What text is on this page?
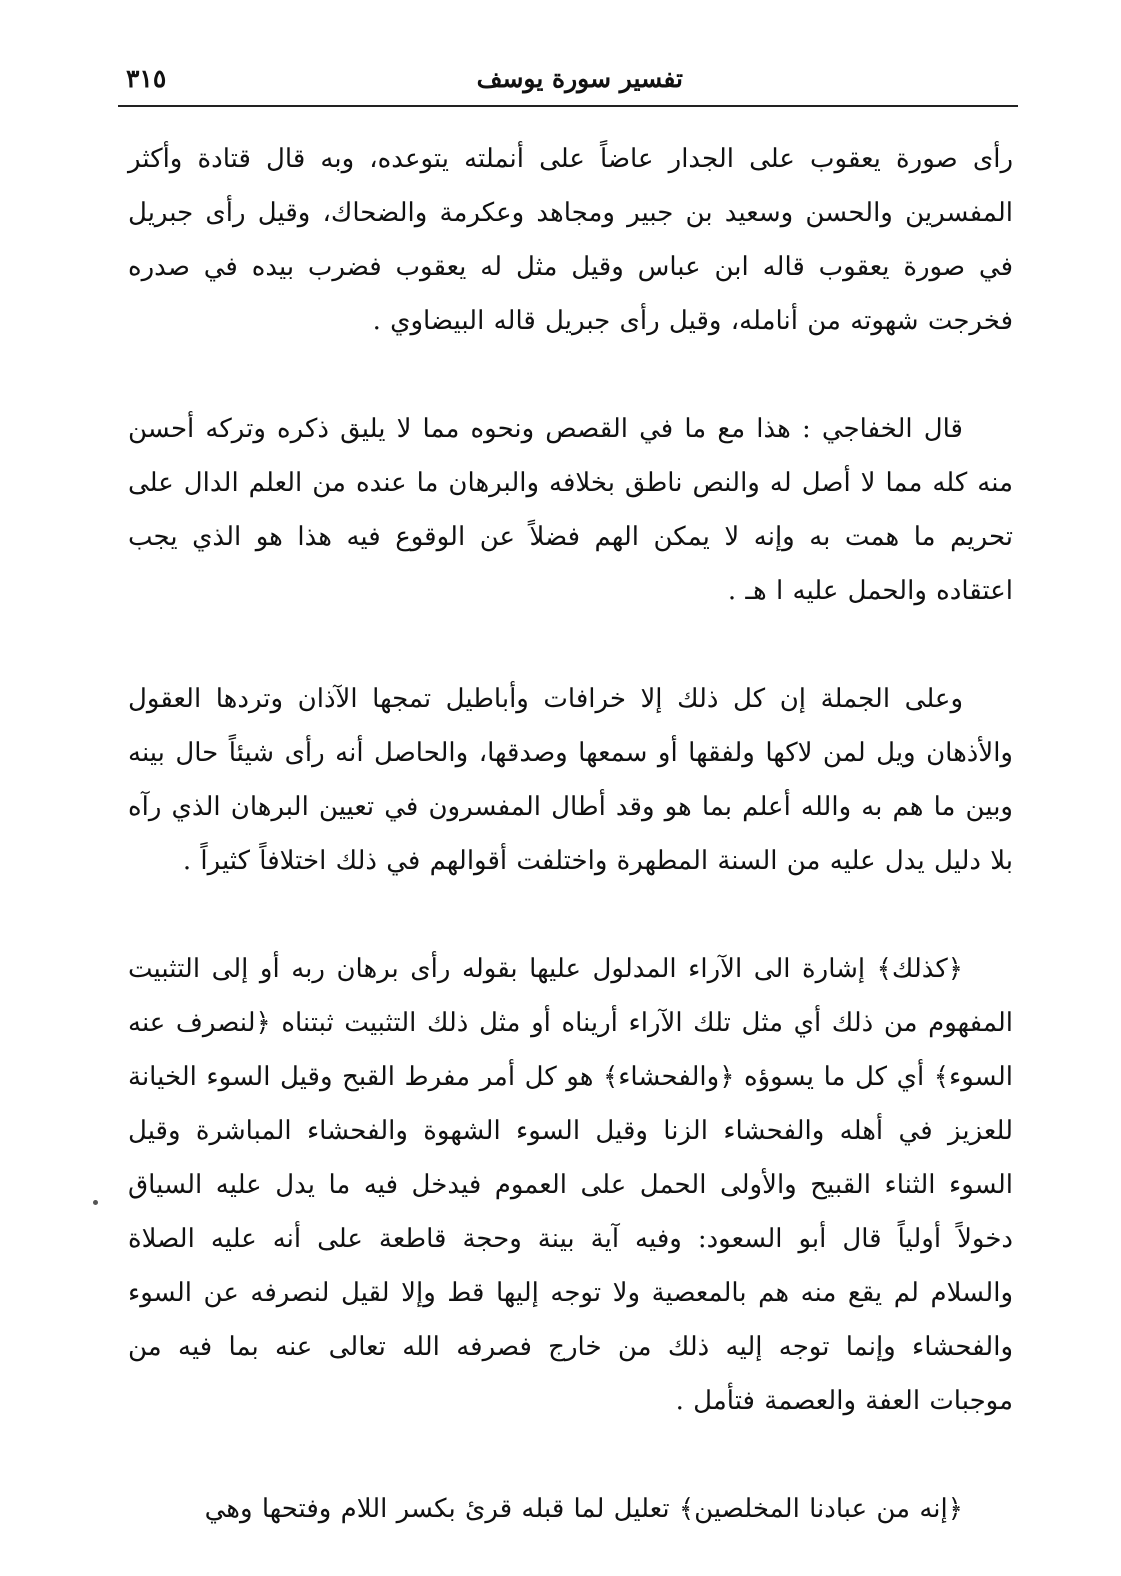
تفسير سورة يوسف
٣١٥

رأى صورة يعقوب على الجدار عاضاً على أنملته يتوعده، وبه قال قتادة وأكثر المفسرين والحسن وسعيد بن جبير ومجاهد وعكرمة والضحاك، وقيل رأى جبريل في صورة يعقوب قاله ابن عباس وقيل مثل له يعقوب فضرب بيده في صدره فخرجت شهوته من أنامله، وقيل رأى جبريل قاله البيضاوي .

قال الخفاجي : هذا مع ما في القصص ونحوه مما لا يليق ذكره وتركه أحسن منه كله مما لا أصل له والنص ناطق بخلافه والبرهان ما عنده من العلم الدال على تحريم ما همت به وإنه لا يمكن الهم فضلاً عن الوقوع فيه هذا هو الذي يجب اعتقاده والحمل عليه ا هـ .

وعلى الجملة إن كل ذلك إلا خرافات وأباطيل تمجها الآذان وتردها العقول والأذهان ويل لمن لاكها ولفقها أو سمعها وصدقها، والحاصل أنه رأى شيئاً حال بينه وبين ما هم به والله أعلم بما هو وقد أطال المفسرون في تعيين البرهان الذي رآه بلا دليل يدل عليه من السنة المطهرة واختلفت أقوالهم في ذلك اختلافاً كثيراً .

﴿كذلك﴾ إشارة الى الآراء المدلول عليها بقوله رأى برهان ربه أو إلى التثبيت المفهوم من ذلك أي مثل تلك الآراء أريناه أو مثل ذلك التثبيت ثبتناه ﴿لنصرف عنه السوء﴾ أي كل ما يسوؤه ﴿والفحشاء﴾ هو كل أمر مفرط القبح وقيل السوء الخيانة للعزيز في أهله والفحشاء الزنا وقيل السوء الشهوة والفحشاء المباشرة وقيل السوء الثناء القبيح والأولى الحمل على العموم فيدخل فيه ما يدل عليه السياق دخولاً أولياً قال أبو السعود: وفيه آية بينة وحجة قاطعة على أنه عليه الصلاة والسلام لم يقع منه هم بالمعصية ولا توجه إليها قط وإلا لقيل لنصرفه عن السوء والفحشاء وإنما توجه إليه ذلك من خارج فصرفه الله تعالى عنه بما فيه من موجبات العفة والعصمة فتأمل .

﴿إنه من عبادنا المخلصين﴾ تعليل لما قبله قرئ بكسر اللام وفتحها وهي
